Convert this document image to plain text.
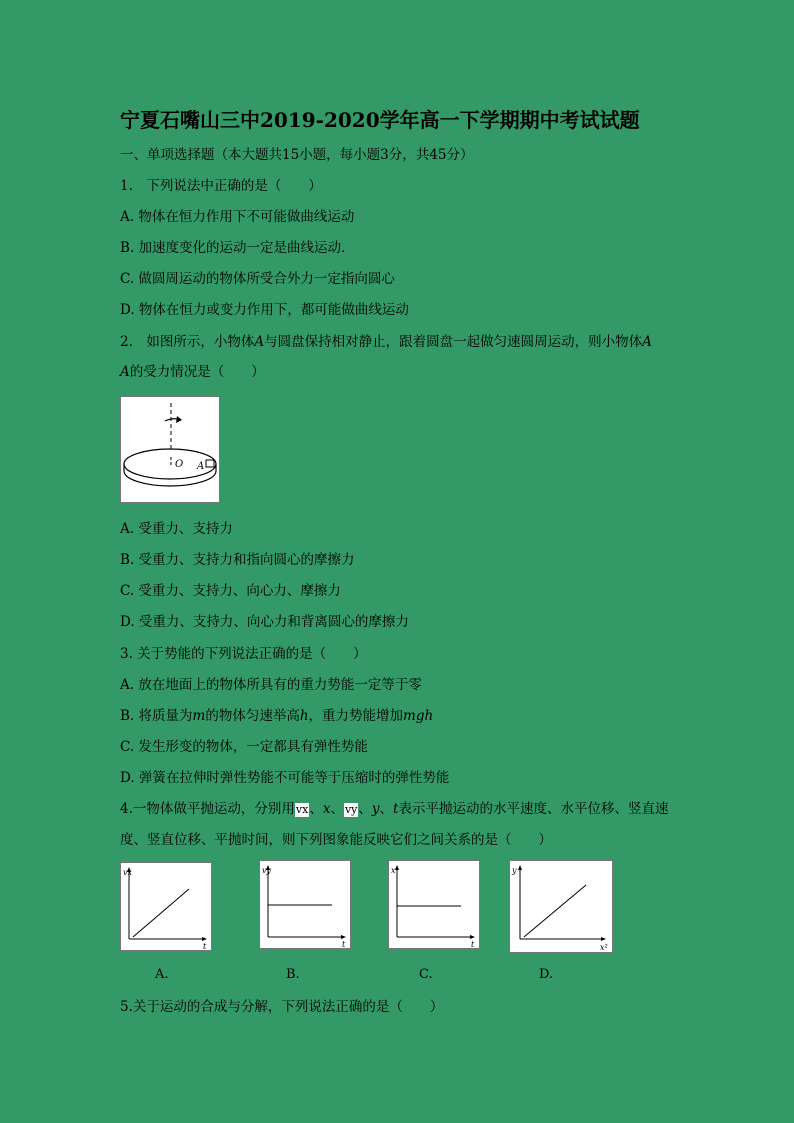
宁夏石嘴山三中2019-2020学年高一下学期期中考试试题
一、单项选择题（本大题共15小题，每小题3分，共45分）
1.　下列说法中正确的是（　　）
A. 物体在恒力作用下不可能做曲线运动
B. 加速度变化的运动一定是曲线运动．
C. 做圆周运动的物体所受合外力一定指向圆心
D. 物体在恒力或变力作用下，都可能做曲线运动
2.　如图所示，小物体A与圆盘保持相对静止，跟着圆盘一起做匀速圆周运动，则小物体A
A的受力情况是（　　）
O A
A. 受重力、支持力
B. 受重力、支持力和指向圆心的摩擦力
C. 受重力、支持力、向心力、摩擦力
D. 受重力、支持力、向心力和背离圆心的摩擦力
3. 关于势能的下列说法正确的是（　　）
A. 放在地面上的物体所具有的重力势能一定等于零
B. 将质量为m的物体匀速举高h，重力势能增加mgh
C. 发生形变的物体，一定都具有弹性势能
D. 弹簧在拉伸时弹性势能不可能等于压缩时的弹性势能
4.一物体做平抛运动，分别用vx、x、vy、y、t表示平抛运动的水平速度、水平位移、竖直速
度、竖直位移、平抛时间，则下列图象能反映它们之间关系的是（　　）
vx
t
vy
t
x
t
y
x²
A.	B.	C.	D.
5.关于运动的合成与分解，下列说法正确的是（　　）
